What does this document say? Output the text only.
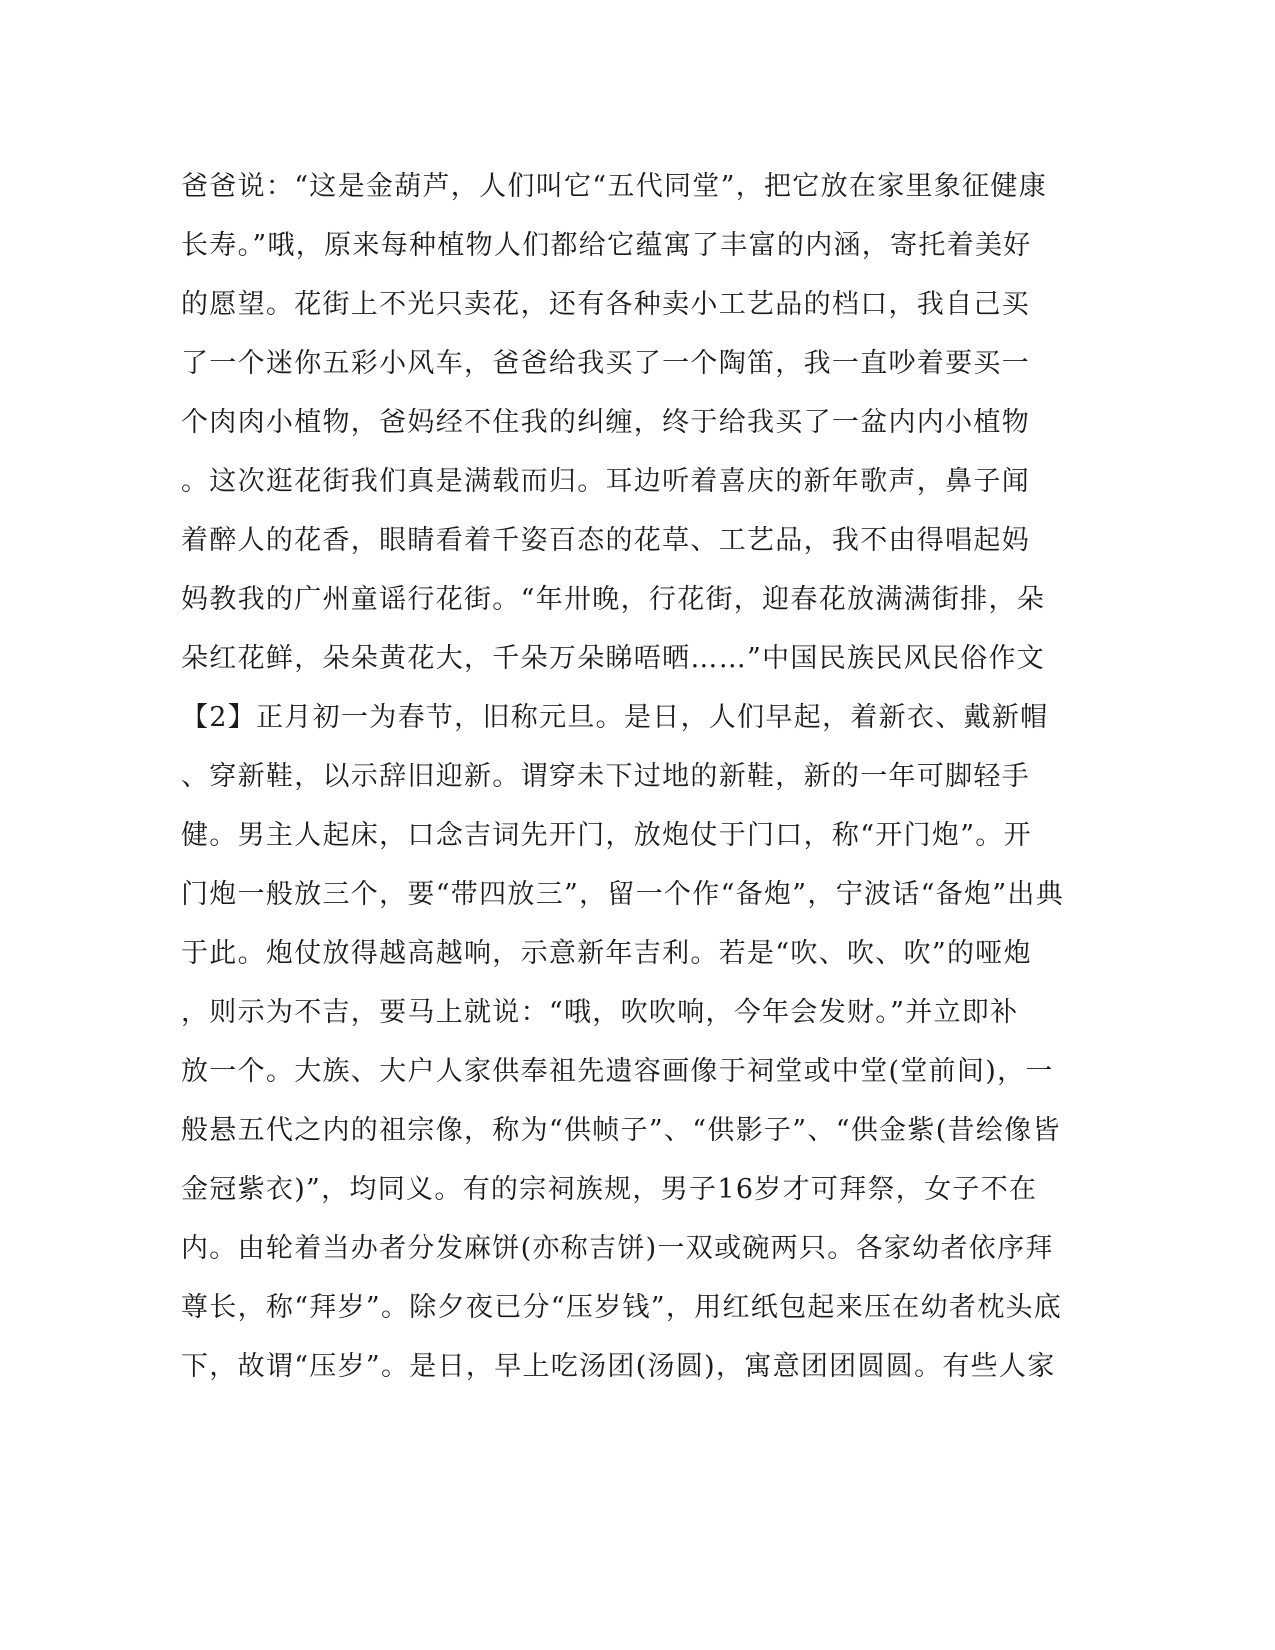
爸爸说：“这是金葫芦，人们叫它“五代同堂”，把它放在家里象征健康
长寿。”哦，原来每种植物人们都给它蕴寓了丰富的内涵，寄托着美好
的愿望。花街上不光只卖花，还有各种卖小工艺品的档口，我自己买
了一个迷你五彩小风车，爸爸给我买了一个陶笛，我一直吵着要买一
个肉肉小植物，爸妈经不住我的纠缠，终于给我买了一盆内内小植物
。这次逛花街我们真是满载而归。耳边听着喜庆的新年歌声，鼻子闻
着醉人的花香，眼睛看着千姿百态的花草、工艺品，我不由得唱起妈
妈教我的广州童谣行花街。“年卅晚，行花街，迎春花放满满街排，朵
朵红花鲜，朵朵黄花大，千朵万朵睇唔晒……”中国民族民风民俗作文
【2】正月初一为春节，旧称元旦。是日，人们早起，着新衣、戴新帽
、穿新鞋，以示辞旧迎新。谓穿未下过地的新鞋，新的一年可脚轻手
健。男主人起床，口念吉词先开门，放炮仗于门口，称“开门炮”。开
门炮一般放三个，要“带四放三”，留一个作“备炮”，宁波话“备炮”出典
于此。炮仗放得越高越响，示意新年吉利。若是“吹、吹、吹”的哑炮
，则示为不吉，要马上就说：“哦，吹吹响，今年会发财。”并立即补
放一个。大族、大户人家供奉祖先遗容画像于祠堂或中堂(堂前间)，一
般悬五代之内的祖宗像，称为“供帧子”、“供影子”、“供金紫(昔绘像皆
金冠紫衣)”，均同义。有的宗祠族规，男子16岁才可拜祭，女子不在
内。由轮着当办者分发麻饼(亦称吉饼)一双或碗两只。各家幼者依序拜
尊长，称“拜岁”。除夕夜已分“压岁钱”，用红纸包起来压在幼者枕头底
下，故谓“压岁”。是日，早上吃汤团(汤圆)，寓意团团圆圆。有些人家
